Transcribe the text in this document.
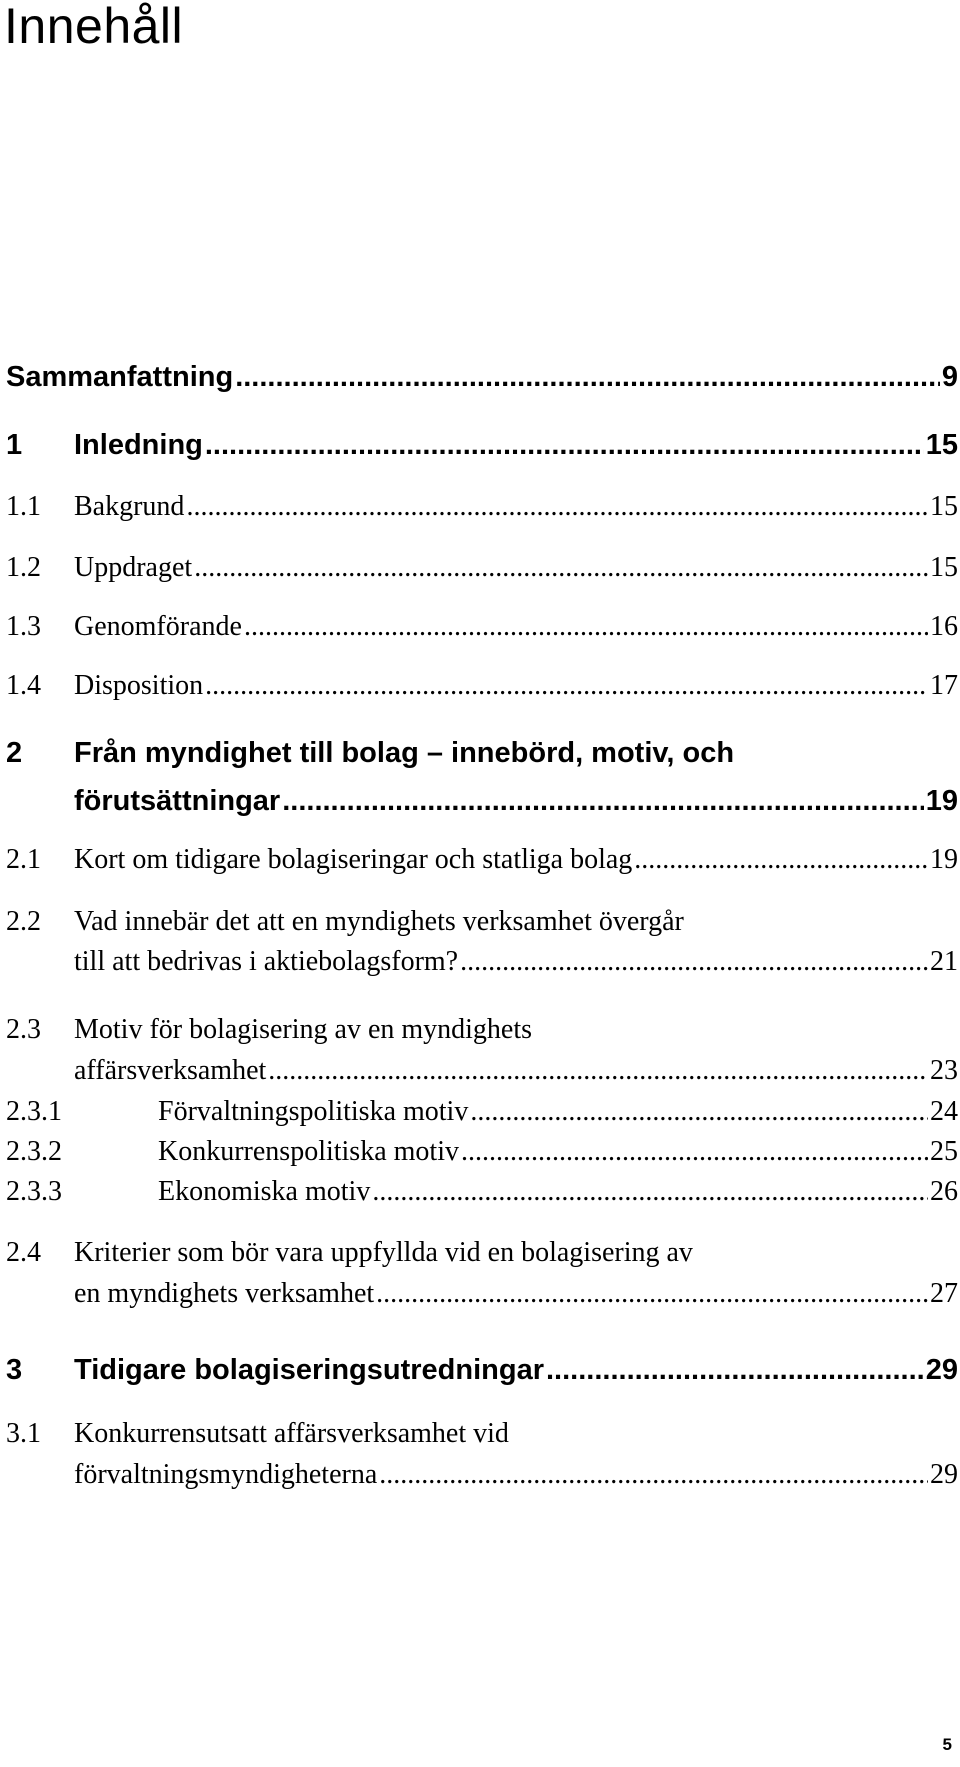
Innehåll
Sammanfattning .....	9
1 Inledning .....	15
1.1 Bakgrund .....	15
1.2 Uppdraget .....	15
1.3 Genomförande .....	16
1.4 Disposition .....	17
2 Från myndighet till bolag – innebörd, motiv, och
förutsättningar .....	19
2.1 Kort om tidigare bolagiseringar och statliga bolag .....	19
2.2 Vad innebär det att en myndighets verksamhet övergår
till att bedrivas i aktiebolagsform? .....	21
2.3 Motiv för bolagisering av en myndighets
affärsverksamhet .....	23
2.3.1	Förvaltningspolitiska motiv .....	24
2.3.2	Konkurrenspolitiska motiv .....	25
2.3.3	Ekonomiska motiv .....	26
2.4 Kriterier som bör vara uppfyllda vid en bolagisering av
en myndighets verksamhet .....	27
3 Tidigare bolagiseringsutredningar .....	29
3.1 Konkurrensutsatt affärsverksamhet vid
förvaltningsmyndigheterna .....	29
5
